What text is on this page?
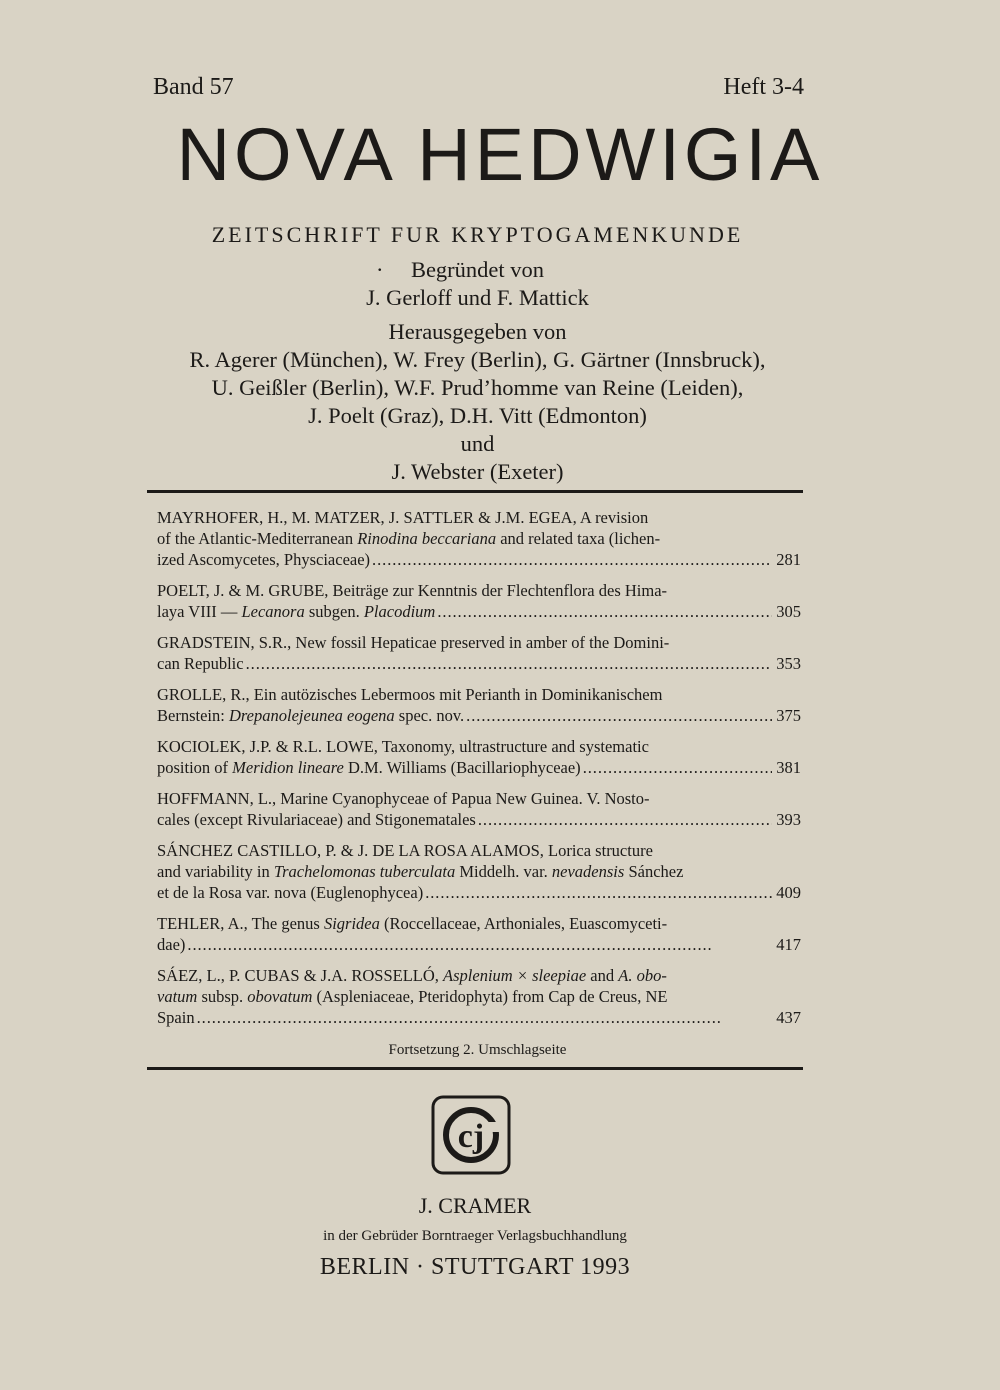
Band 57	Heft 3-4
NOVA HEDWIGIA
ZEITSCHRIFT FUR KRYPTOGAMENKUNDE
· Begründet von
J. Gerloff und F. Mattick
Herausgegeben von
R. Agerer (München), W. Frey (Berlin), G. Gärtner (Innsbruck),
U. Geißler (Berlin), W.F. Prud’homme van Reine (Leiden),
J. Poelt (Graz), D.H. Vitt (Edmonton)
und
J. Webster (Exeter)
MAYRHOFER, H., M. MATZER, J. SATTLER & J.M. EGEA, A revision
of the Atlantic-Mediterranean Rinodina beccariana and related taxa (lichen-
ized Ascomycetes, Physciaceae) . . .	281
POELT, J. & M. GRUBE, Beiträge zur Kenntnis der Flechtenflora des Hima-
laya VIII — Lecanora subgen. Placodium . . .	305
GRADSTEIN, S.R., New fossil Hepaticae preserved in amber of the Domini-
can Republic . . .	353
GROLLE, R., Ein autözisches Lebermoos mit Perianth in Dominikanischem
Bernstein: Drepanolejeunea eogena spec. nov. . . .	375
KOCIOLEK, J.P. & R.L. LOWE, Taxonomy, ultrastructure and systematic
position of Meridion lineare D.M. Williams (Bacillariophyceae) . . .	381
HOFFMANN, L., Marine Cyanophyceae of Papua New Guinea. V. Nosto-
cales (except Rivulariaceae) and Stigonematales . . .	393
SÁNCHEZ CASTILLO, P. & J. DE LA ROSA ALAMOS, Lorica structure
and variability in Trachelomonas tuberculata Middelh. var. nevadensis Sánchez
et de la Rosa var. nova (Euglenophycea) . . .	409
TEHLER, A., The genus Sigridea (Roccellaceae, Arthoniales, Euascomyceti-
dae) . . .	417
SÁEZ, L., P. CUBAS & J.A. ROSSELLÓ, Asplenium × sleepiae and A. obo-
vatum subsp. obovatum (Aspleniaceae, Pteridophyta) from Cap de Creus, NE
Spain . . .	437
Fortsetzung 2. Umschlagseite
cj
J. CRAMER
in der Gebrüder Borntraeger Verlagsbuchhandlung
BERLIN · STUTTGART 1993
